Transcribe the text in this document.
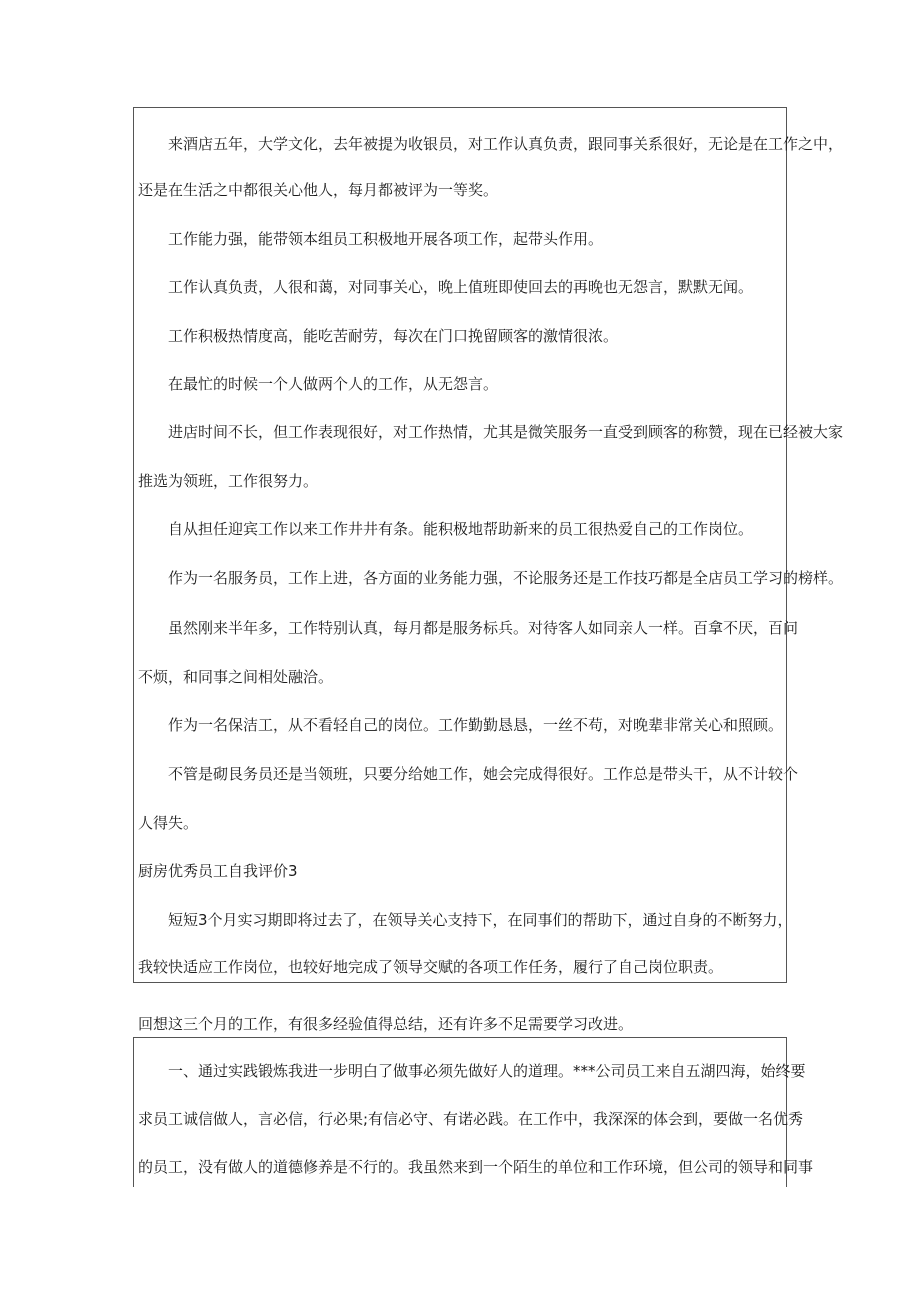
来酒店五年，大学文化，去年被提为收银员，对工作认真负责，跟同事关系很好，无论是在工作之中，
还是在生活之中都很关心他人，每月都被评为一等奖。
工作能力强，能带领本组员工积极地开展各项工作，起带头作用。
工作认真负责，人很和蔼，对同事关心，晚上值班即使回去的再晚也无怨言，默默无闻。
工作积极热情度高，能吃苦耐劳，每次在门口挽留顾客的激情很浓。
在最忙的时候一个人做两个人的工作，从无怨言。
进店时间不长，但工作表现很好，对工作热情，尤其是微笑服务一直受到顾客的称赞，现在已经被大家
推选为领班，工作很努力。
自从担任迎宾工作以来工作井井有条。能积极地帮助新来的员工很热爱自己的工作岗位。
作为一名服务员，工作上进，各方面的业务能力强，不论服务还是工作技巧都是全店员工学习的榜样。
虽然刚来半年多，工作特别认真，每月都是服务标兵。对待客人如同亲人一样。百拿不厌，百问
不烦，和同事之间相处融洽。
作为一名保洁工，从不看轻自己的岗位。工作勤勤恳恳，一丝不苟，对晚辈非常关心和照顾。
不管是砌艮务员还是当领班，只要分给她工作，她会完成得很好。工作总是带头干，从不计较个
人得失。
厨房优秀员工自我评价3
短短3个月实习期即将过去了，在领导关心支持下，在同事们的帮助下，通过自身的不断努力，
我较快适应工作岗位，也较好地完成了领导交赋的各项工作任务，履行了自己岗位职责。
回想这三个月的工作，有很多经验值得总结，还有许多不足需要学习改进。
一、通过实践锻炼我进一步明白了做事必须先做好人的道理。***公司员工来自五湖四海，始终要
求员工诚信做人，言必信，行必果;有信必守、有诺必践。在工作中，我深深的体会到，要做一名优秀
的员工，没有做人的道德修养是不行的。我虽然来到一个陌生的单位和工作环境，但公司的领导和同事
